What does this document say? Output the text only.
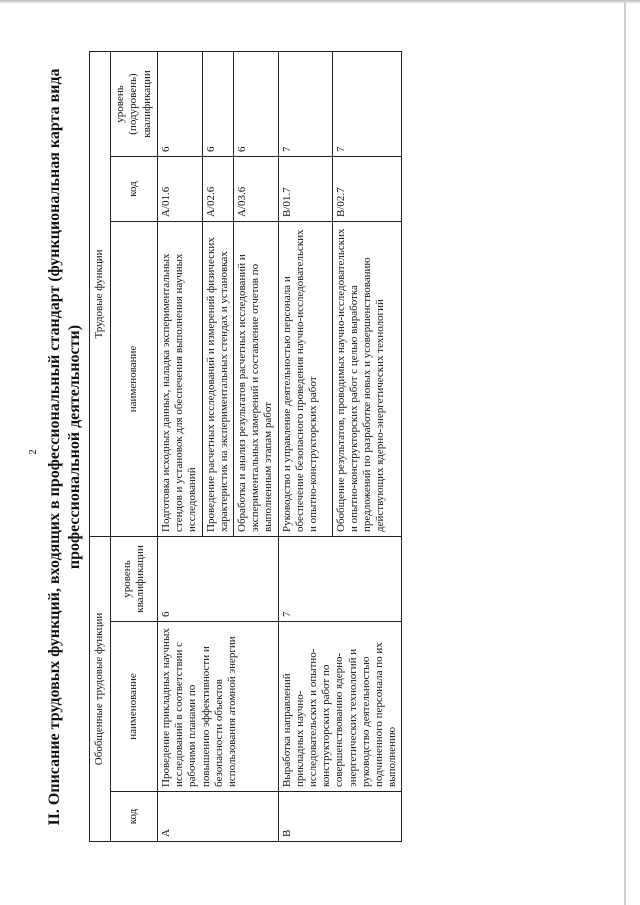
2 II. Описание трудовых функций, входящих в профессиональный стандарт (функциональная карта вида профессиональной деятельности)
Обобщенные трудовые функции			Трудовые функции		
код	наименование	уровень квалификации	наименование	код	уровень (подуровень) квалификации
A	Проведение прикладных научных исследований в соответствии с рабочими планами по повышению эффективности и безопасности объектов использования атомной энергии	6	Подготовка исходных данных, наладка экспериментальных стендов и установок для обеспечения выполнения научных исследований	A/01.6	6
			Проведение расчетных исследований и измерений физических характеристик на экспериментальных стендах и установках	A/02.6	6
			Обработка и анализ результатов расчетных исследований и экспериментальных измерений и составление отчетов по выполненным этапам работ	A/03.6	6
B	Выработка направлений прикладных научно-исследовательских и опытно-конструкторских работ по совершенствованию ядерно-энергетических технологий и руководство деятельностью подчиненного персонала по их выполнению	7	Руководство и управление деятельностью персонала и обеспечение безопасного проведения научно-исследовательских и опытно-конструкторских работ	B/01.7	7
			Обобщение результатов, проводимых научно-исследовательских и опытно-конструкторских работ с целью выработка предложений по разработке новых и усовершенствованию действующих ядерно-энергетических технологий	B/02.7	7
